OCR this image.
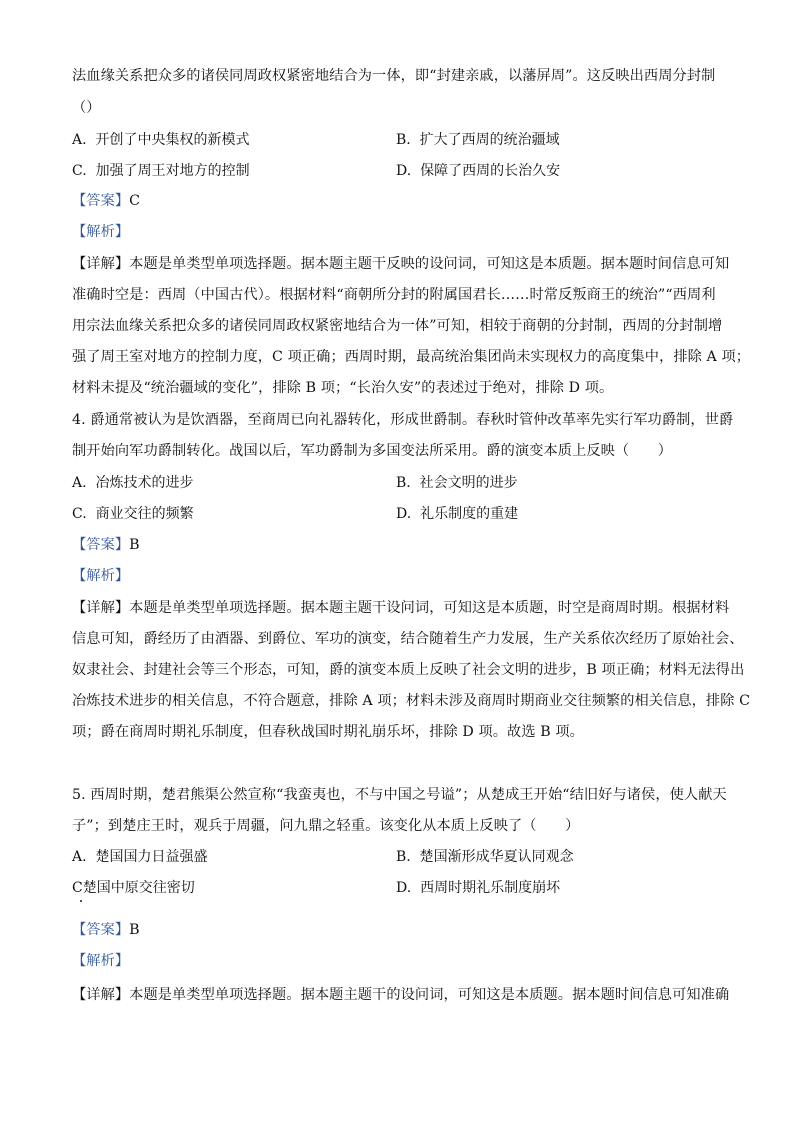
法血缘关系把众多的诸侯同周政权紧密地结合为一体，即“封建亲戚，以藩屏周”。这反映出西周分封制
（）
A. 开创了中央集权的新模式	B. 扩大了西周的统治疆域
C. 加强了周王对地方的控制	D. 保障了西周的长治久安
【答案】C
【解析】
【详解】本题是单类型单项选择题。据本题主题干反映的设问词，可知这是本质题。据本题时间信息可知
准确时空是：西周（中国古代）。根据材料“商朝所分封的附属国君长……时常反叛商王的统治”“西周利
用宗法血缘关系把众多的诸侯同周政权紧密地结合为一体”可知，相较于商朝的分封制，西周的分封制增
强了周王室对地方的控制力度，C 项正确；西周时期，最高统治集团尚未实现权力的高度集中，排除 A 项；
材料未提及“统治疆域的变化”，排除 B 项；“长治久安”的表述过于绝对，排除 D 项。
4. 爵通常被认为是饮酒器，至商周已向礼器转化，形成世爵制。春秋时管仲改革率先实行军功爵制，世爵
制开始向军功爵制转化。战国以后，军功爵制为多国变法所采用。爵的演变本质上反映（　　）
A. 冶炼技术的进步	B. 社会文明的进步
C. 商业交往的频繁	D. 礼乐制度的重建
【答案】B
【解析】
【详解】本题是单类型单项选择题。据本题主题干设问词，可知这是本质题，时空是商周时期。根据材料
信息可知，爵经历了由酒器、到爵位、军功的演变，结合随着生产力发展，生产关系依次经历了原始社会、
奴隶社会、封建社会等三个形态，可知，爵的演变本质上反映了社会文明的进步，B 项正确；材料无法得出
冶炼技术进步的相关信息，不符合题意，排除 A 项；材料未涉及商周时期商业交往频繁的相关信息，排除 C
项；爵在商周时期礼乐制度，但春秋战国时期礼崩乐坏，排除 D 项。故选 B 项。
5. 西周时期，楚君熊渠公然宣称“我蛮夷也，不与中国之号谥”；从楚成王开始“结旧好与诸侯，使人献天
子”；到楚庄王时，观兵于周疆，问九鼎之轻重。该变化从本质上反映了（　　）
A. 楚国国力日益强盛	B. 楚国渐形成华夏认同观念
C楚国中原交往密切	D. 西周时期礼乐制度崩坏
【答案】B
【解析】
【详解】本题是单类型单项选择题。据本题主题干的设问词，可知这是本质题。据本题时间信息可知准确
